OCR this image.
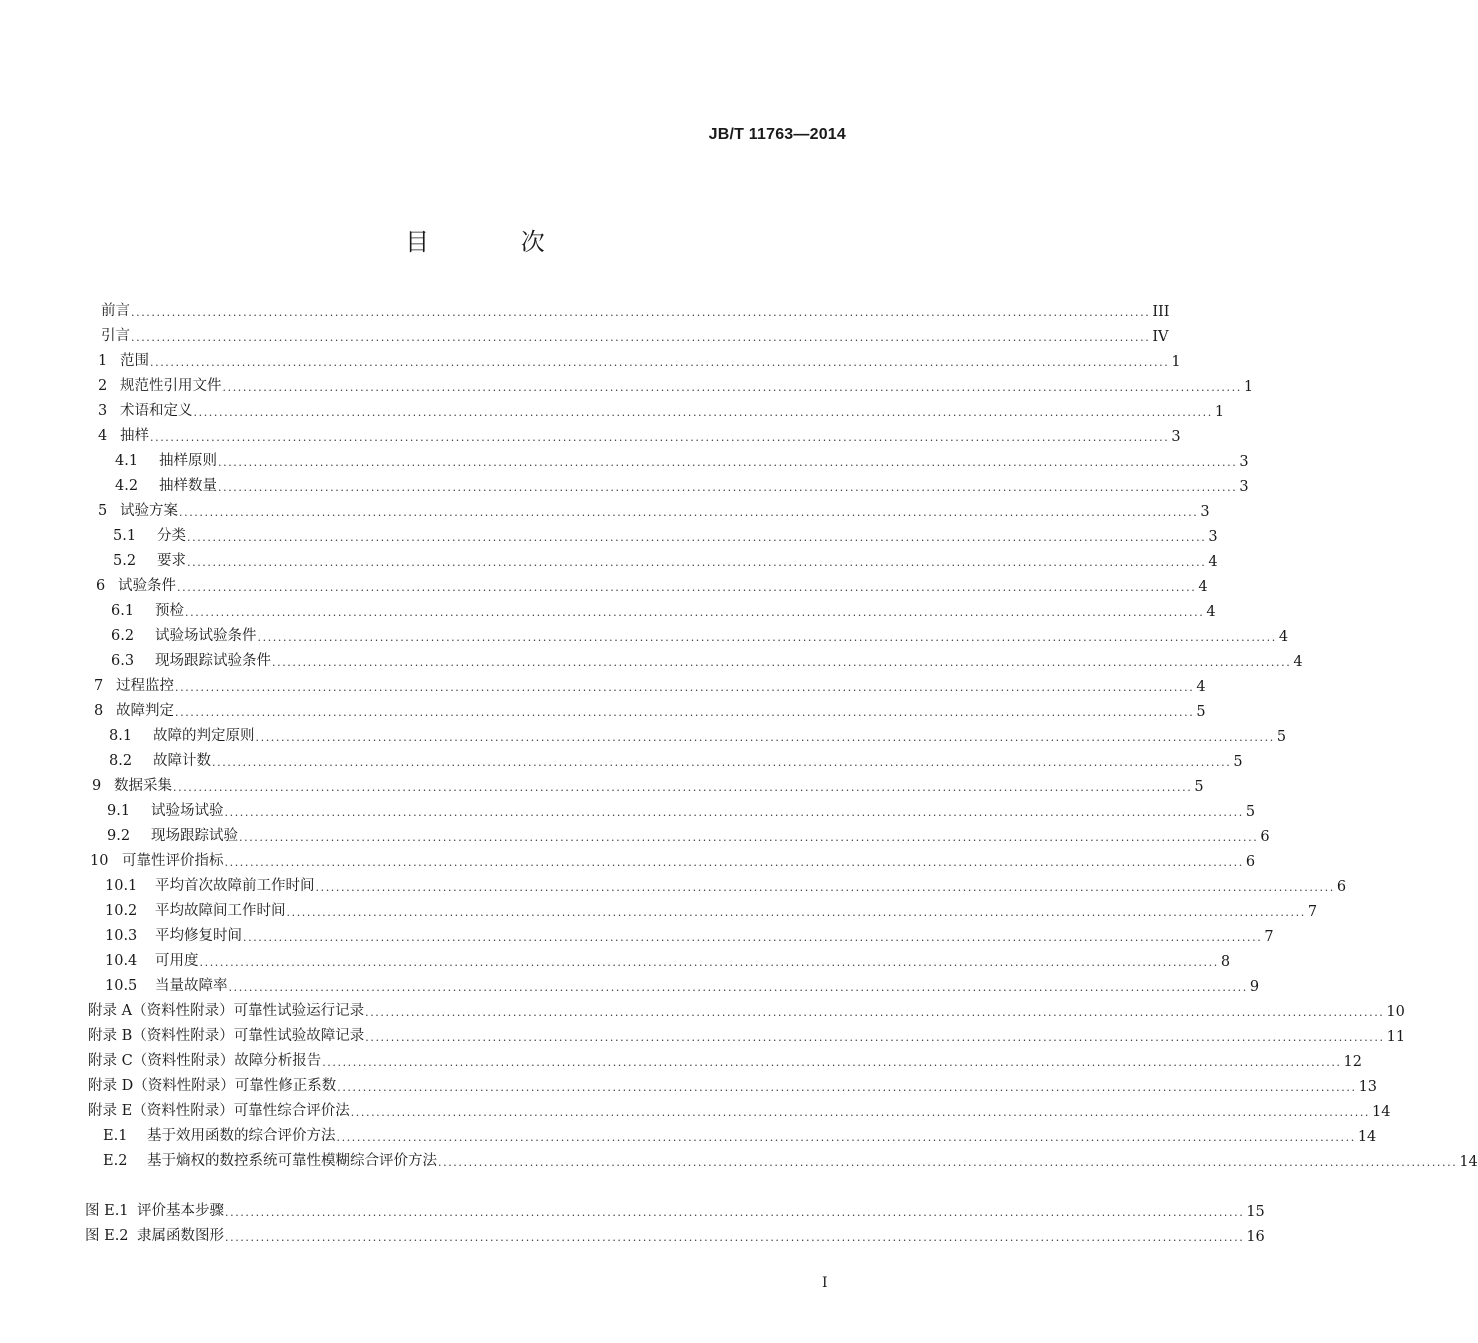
JB/T 11763—2014
目 次
前言 ........................................................................................................................................................................................................ III
引言 ........................................................................................................................................................................................................ IV
1 范围 ........................................................................................................................................................................................................ 1
2 规范性引用文件 ........................................................................................................................................................................................................ 1
3 术语和定义 ........................................................................................................................................................................................................ 1
4 抽样 ........................................................................................................................................................................................................ 3
4.1 抽样原则 ........................................................................................................................................................................................................ 3
4.2 抽样数量 ........................................................................................................................................................................................................ 3
5 试验方案 ........................................................................................................................................................................................................ 3
5.1 分类 ........................................................................................................................................................................................................ 3
5.2 要求 ........................................................................................................................................................................................................ 4
6 试验条件 ........................................................................................................................................................................................................ 4
6.1 预检 ........................................................................................................................................................................................................ 4
6.2 试验场试验条件 ........................................................................................................................................................................................................ 4
6.3 现场跟踪试验条件 ........................................................................................................................................................................................................ 4
7 过程监控 ........................................................................................................................................................................................................ 4
8 故障判定 ........................................................................................................................................................................................................ 5
8.1 故障的判定原则 ........................................................................................................................................................................................................ 5
8.2 故障计数 ........................................................................................................................................................................................................ 5
9 数据采集 ........................................................................................................................................................................................................ 5
9.1 试验场试验 ........................................................................................................................................................................................................ 5
9.2 现场跟踪试验 ........................................................................................................................................................................................................ 6
10 可靠性评价指标 ........................................................................................................................................................................................................ 6
10.1 平均首次故障前工作时间 ........................................................................................................................................................................................................ 6
10.2 平均故障间工作时间 ........................................................................................................................................................................................................ 7
10.3 平均修复时间 ........................................................................................................................................................................................................ 7
10.4 可用度 ........................................................................................................................................................................................................ 8
10.5 当量故障率 ........................................................................................................................................................................................................ 9
附录 A（资料性附录）可靠性试验运行记录 ........................................................................................................................................................................................................ 10
附录 B（资料性附录）可靠性试验故障记录 ........................................................................................................................................................................................................ 11
附录 C（资料性附录）故障分析报告 ........................................................................................................................................................................................................ 12
附录 D（资料性附录）可靠性修正系数 ........................................................................................................................................................................................................ 13
附录 E（资料性附录）可靠性综合评价法 ........................................................................................................................................................................................................ 14
E.1 基于效用函数的综合评价方法 ........................................................................................................................................................................................................ 14
E.2 基于熵权的数控系统可靠性模糊综合评价方法 ........................................................................................................................................................................................................ 14
图 E.1 评价基本步骤 ........................................................................................................................................................................................................ 15
图 E.2 隶属函数图形 ........................................................................................................................................................................................................ 16
I
